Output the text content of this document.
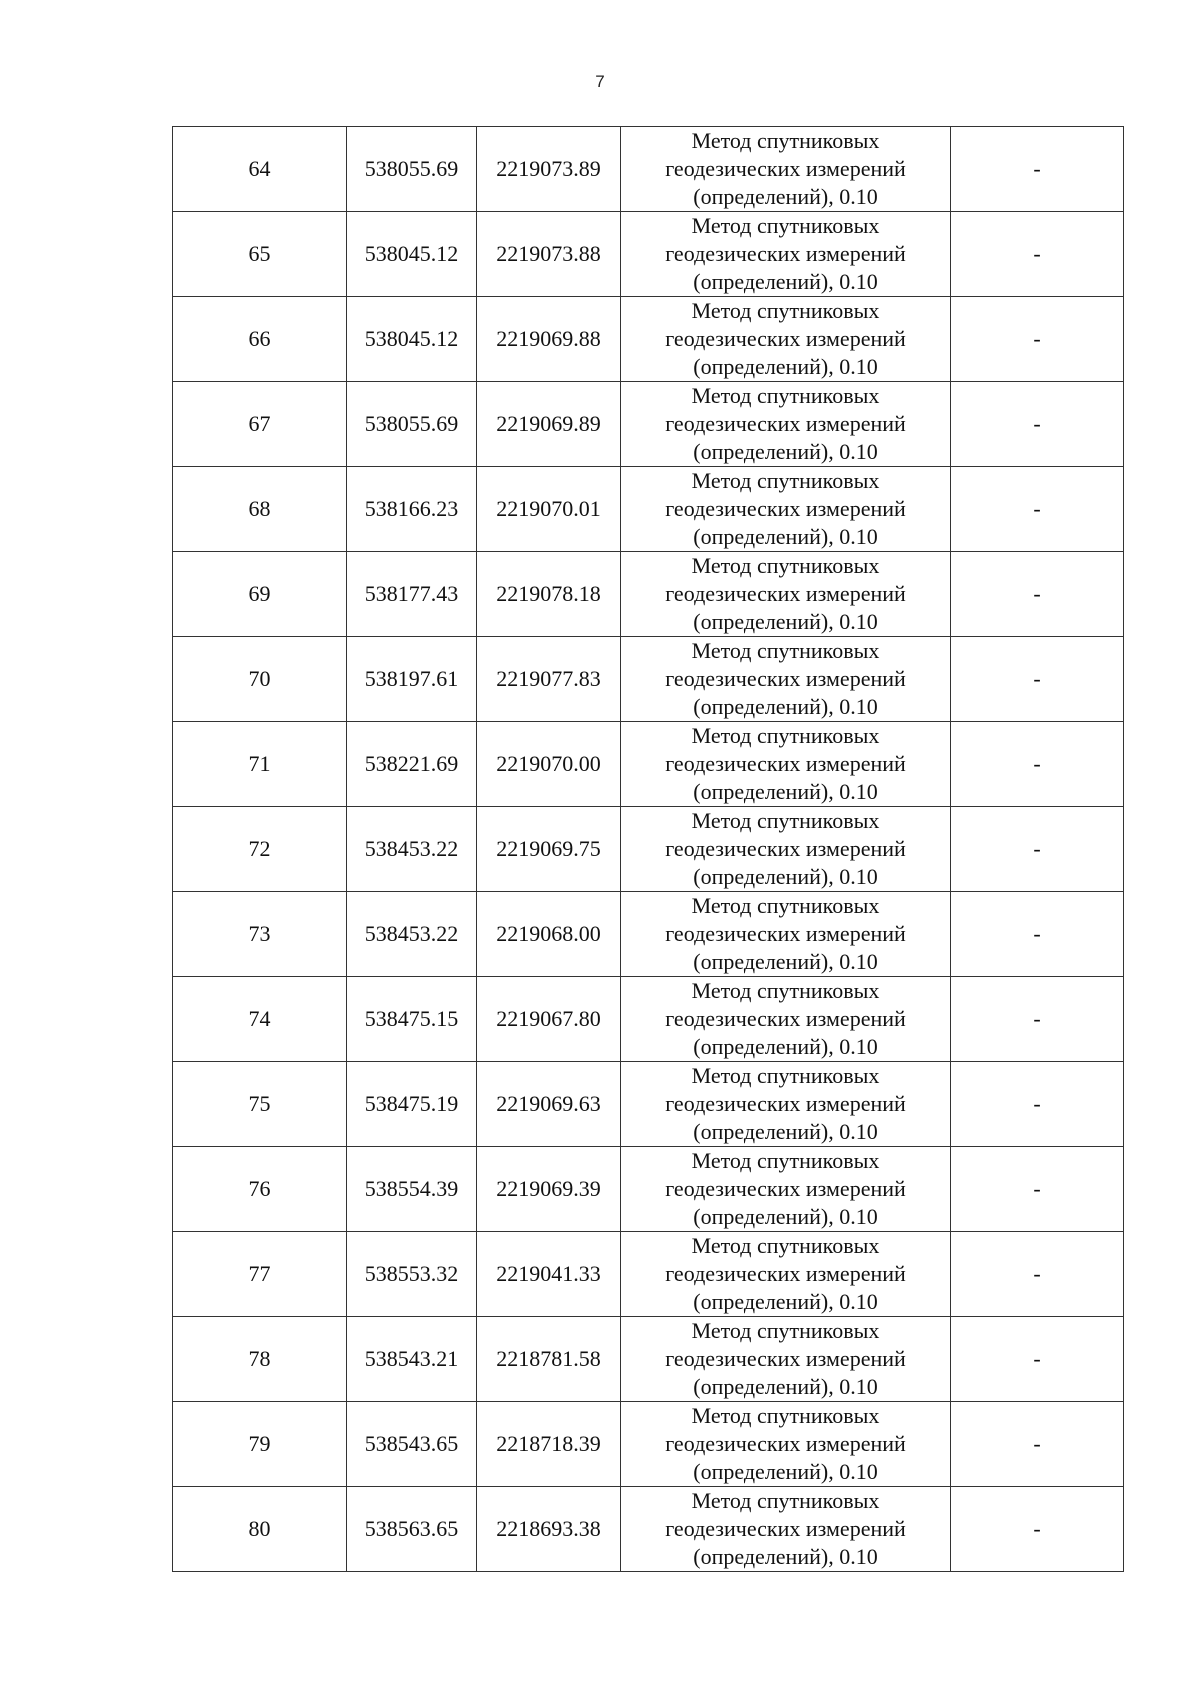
7
64	538055.69	2219073.89	Метод спутниковых
геодезических измерений
(определений), 0.10	-
65	538045.12	2219073.88	Метод спутниковых
геодезических измерений
(определений), 0.10	-
66	538045.12	2219069.88	Метод спутниковых
геодезических измерений
(определений), 0.10	-
67	538055.69	2219069.89	Метод спутниковых
геодезических измерений
(определений), 0.10	-
68	538166.23	2219070.01	Метод спутниковых
геодезических измерений
(определений), 0.10	-
69	538177.43	2219078.18	Метод спутниковых
геодезических измерений
(определений), 0.10	-
70	538197.61	2219077.83	Метод спутниковых
геодезических измерений
(определений), 0.10	-
71	538221.69	2219070.00	Метод спутниковых
геодезических измерений
(определений), 0.10	-
72	538453.22	2219069.75	Метод спутниковых
геодезических измерений
(определений), 0.10	-
73	538453.22	2219068.00	Метод спутниковых
геодезических измерений
(определений), 0.10	-
74	538475.15	2219067.80	Метод спутниковых
геодезических измерений
(определений), 0.10	-
75	538475.19	2219069.63	Метод спутниковых
геодезических измерений
(определений), 0.10	-
76	538554.39	2219069.39	Метод спутниковых
геодезических измерений
(определений), 0.10	-
77	538553.32	2219041.33	Метод спутниковых
геодезических измерений
(определений), 0.10	-
78	538543.21	2218781.58	Метод спутниковых
геодезических измерений
(определений), 0.10	-
79	538543.65	2218718.39	Метод спутниковых
геодезических измерений
(определений), 0.10	-
80	538563.65	2218693.38	Метод спутниковых
геодезических измерений
(определений), 0.10	-
